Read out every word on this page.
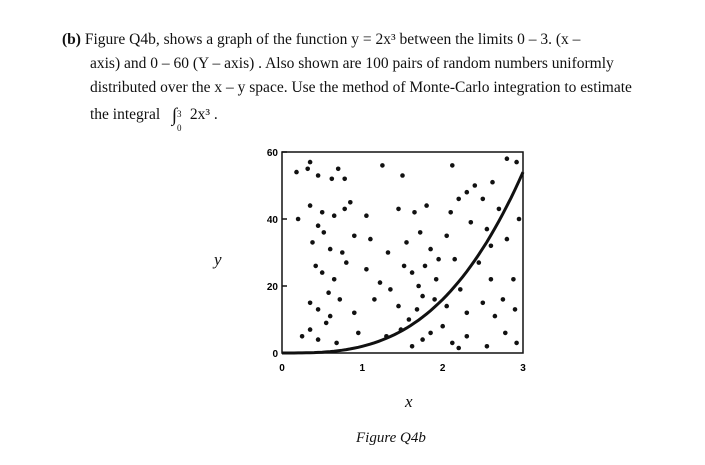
(b) Figure Q4b, shows a graph of the function y = 2x³ between the limits 0 – 3. (x –
axis) and 0 – 60 (Y – axis) . Also shown are 100 pairs of random numbers uniformly
distributed over the x – y space. Use the method of Monte-Carlo integration to estimate
the integral ∫ 3
0
2x³ .
0
20
40
60
0	1	2	3
y
x
Figure Q4b
